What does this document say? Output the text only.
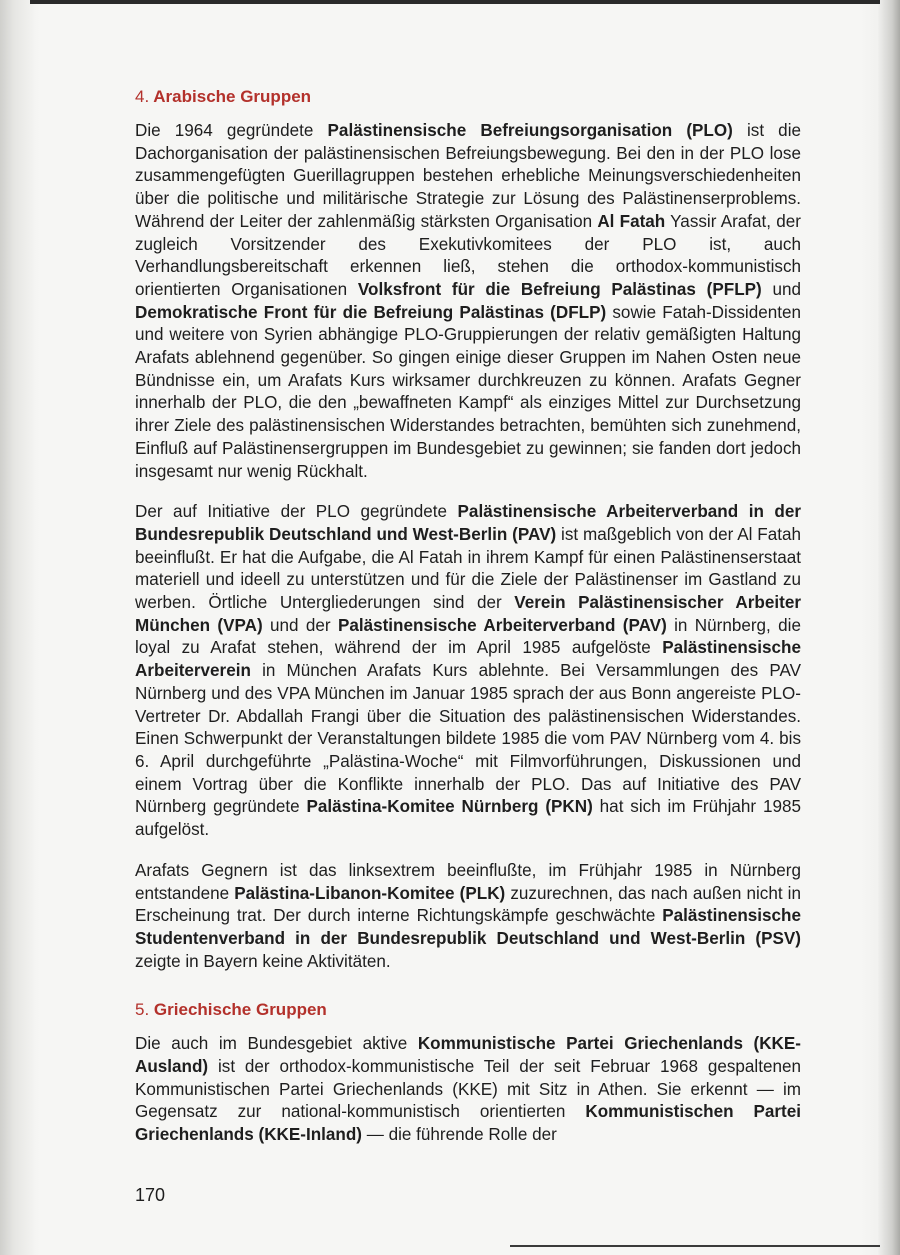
4. Arabische Gruppen

Die 1964 gegründete Palästinensische Befreiungsorganisation (PLO) ist die Dachorganisation der palästinensischen Befreiungsbewegung. Bei den in der PLO lose zusammengefügten Guerillagruppen bestehen erhebliche Meinungsverschiedenheiten über die politische und militärische Strategie zur Lösung des Palästinenserproblems. Während der Leiter der zahlenmäßig stärksten Organisation Al Fatah Yassir Arafat, der zugleich Vorsitzender des Exekutivkomitees der PLO ist, auch Verhandlungsbereitschaft erkennen ließ, stehen die orthodox-kommunistisch orientierten Organisationen Volksfront für die Befreiung Palästinas (PFLP) und Demokratische Front für die Befreiung Palästinas (DFLP) sowie Fatah-Dissidenten und weitere von Syrien abhängige PLO-Gruppierungen der relativ gemäßigten Haltung Arafats ablehnend gegenüber. So gingen einige dieser Gruppen im Nahen Osten neue Bündnisse ein, um Arafats Kurs wirksamer durchkreuzen zu können. Arafats Gegner innerhalb der PLO, die den „bewaffneten Kampf“ als einziges Mittel zur Durchsetzung ihrer Ziele des palästinensischen Widerstandes betrachten, bemühten sich zunehmend, Einfluß auf Palästinensergruppen im Bundesgebiet zu gewinnen; sie fanden dort jedoch insgesamt nur wenig Rückhalt.

Der auf Initiative der PLO gegründete Palästinensische Arbeiterverband in der Bundesrepublik Deutschland und West-Berlin (PAV) ist maßgeblich von der Al Fatah beeinflußt. Er hat die Aufgabe, die Al Fatah in ihrem Kampf für einen Palästinenserstaat materiell und ideell zu unterstützen und für die Ziele der Palästinenser im Gastland zu werben. Örtliche Untergliederungen sind der Verein Palästinensischer Arbeiter München (VPA) und der Palästinensische Arbeiterverband (PAV) in Nürnberg, die loyal zu Arafat stehen, während der im April 1985 aufgelöste Palästinensische Arbeiterverein in München Arafats Kurs ablehnte. Bei Versammlungen des PAV Nürnberg und des VPA München im Januar 1985 sprach der aus Bonn angereiste PLO-Vertreter Dr. Abdallah Frangi über die Situation des palästinensischen Widerstandes. Einen Schwerpunkt der Veranstaltungen bildete 1985 die vom PAV Nürnberg vom 4. bis 6. April durchgeführte „Palästina-Woche“ mit Filmvorführungen, Diskussionen und einem Vortrag über die Konflikte innerhalb der PLO. Das auf Initiative des PAV Nürnberg gegründete Palästina-Komitee Nürnberg (PKN) hat sich im Frühjahr 1985 aufgelöst.

Arafats Gegnern ist das linksextrem beeinflußte, im Frühjahr 1985 in Nürnberg entstandene Palästina-Libanon-Komitee (PLK) zuzurechnen, das nach außen nicht in Erscheinung trat. Der durch interne Richtungskämpfe geschwächte Palästinensische Studentenverband in der Bundesrepublik Deutschland und West-Berlin (PSV) zeigte in Bayern keine Aktivitäten.

5. Griechische Gruppen

Die auch im Bundesgebiet aktive Kommunistische Partei Griechenlands (KKE-Ausland) ist der orthodox-kommunistische Teil der seit Februar 1968 gespaltenen Kommunistischen Partei Griechenlands (KKE) mit Sitz in Athen. Sie erkennt — im Gegensatz zur national-kommunistisch orientierten Kommunistischen Partei Griechenlands (KKE-Inland) — die führende Rolle der

170
